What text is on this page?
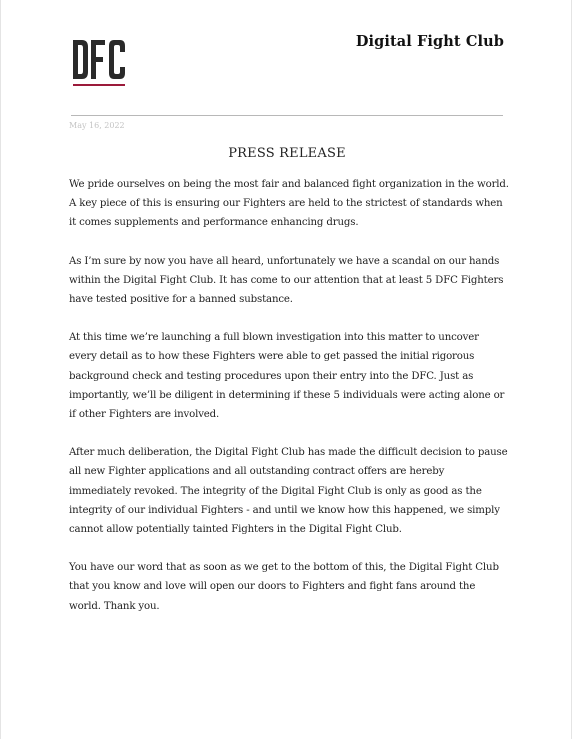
Digital Fight Club
May 16, 2022
PRESS RELEASE

We pride ourselves on being the most fair and balanced fight organization in the world. A key piece of this is ensuring our Fighters are held to the strictest of standards when it comes supplements and performance enhancing drugs.

As I’m sure by now you have all heard, unfortunately we have a scandal on our hands within the Digital Fight Club. It has come to our attention that at least 5 DFC Fighters have tested positive for a banned substance.

At this time we’re launching a full blown investigation into this matter to uncover every detail as to how these Fighters were able to get passed the initial rigorous background check and testing procedures upon their entry into the DFC. Just as importantly, we’ll be diligent in determining if these 5 individuals were acting alone or if other Fighters are involved.

After much deliberation, the Digital Fight Club has made the difficult decision to pause all new Fighter applications and all outstanding contract offers are hereby immediately revoked. The integrity of the Digital Fight Club is only as good as the integrity of our individual Fighters - and until we know how this happened, we simply cannot allow potentially tainted Fighters in the Digital Fight Club.

You have our word that as soon as we get to the bottom of this, the Digital Fight Club that you know and love will open our doors to Fighters and fight fans around the world. Thank you.
